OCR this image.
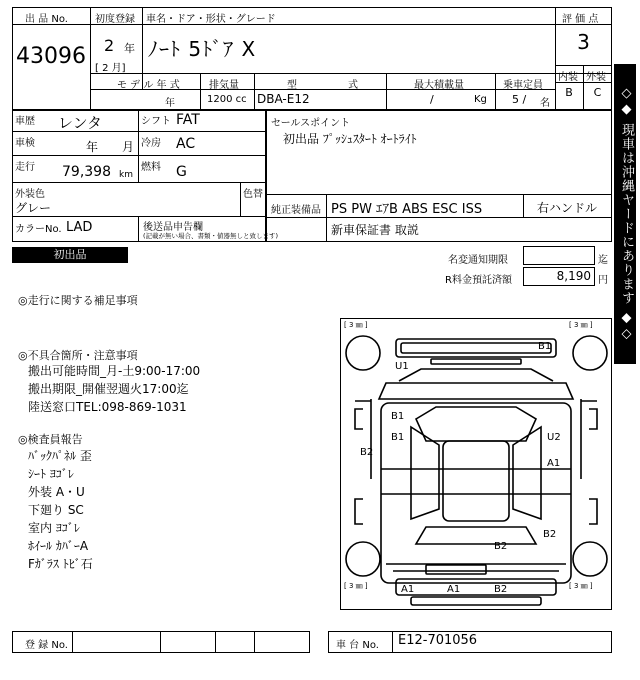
出 品 No.
43096
初度登録
2 年
[ 2 月]
車名・ドア・形状・グレード
ﾉｰﾄ 5ﾄﾞｱ X
評 価 点
3
内装 外装
B	C
モ デ ル 年 式
年
排気量
1200 cc
型	式
DBA-E12
最大積載量
/	Kg
乗車定員
5 / 名
車歴 レンタ	シフト FAT
車検	年　　月 冷房 AC
走行 79,398 km
燃料 G
外装色
グレー
色替
カラーNo. LAD	後送品申告欄
(記載が無い場合、書類・値器無しと致します)
セールスポイント
初出品 ﾌﾟｯｼｭｽﾀｰﾄ ｵｰﾄﾗｲﾄ
純正装備品 PS PW ｴｱB ABS ESC ISS	右ハンドル
新車保証書 取説	◇◆ 現車は沖縄ヤードにあります ◆◇
初出品	名変通知期限	迄
R料金預託済額	8,190 円
◎走行に関する補足事項
◎不具合箇所・注意事項
搬出可能時間_月-土9:00-17:00
搬出期限_開催翌週火17:00迄
陸送窓口TEL:098-869-1031
◎検査員報告
ﾊﾞｯｸﾊﾟﾈﾙ 歪
ｼｰﾄ ﾖｺﾞﾚ
外装 A・U
下廻り SC
室内 ﾖｺﾞﾚ
ﾎｲｰﾙ ｶﾊﾞｰA
Fｶﾞﾗｽ ﾄﾋﾞ石
[ 3 ㎜ ]	[ 3 ㎜ ]
[ 3 ㎜ ]	[ 3 ㎜ ]
B1
U1
B1
B1
B2
U2
A1
B2
B2
A1	A1	B2
登 録 No.	車 台 No. E12-701056
